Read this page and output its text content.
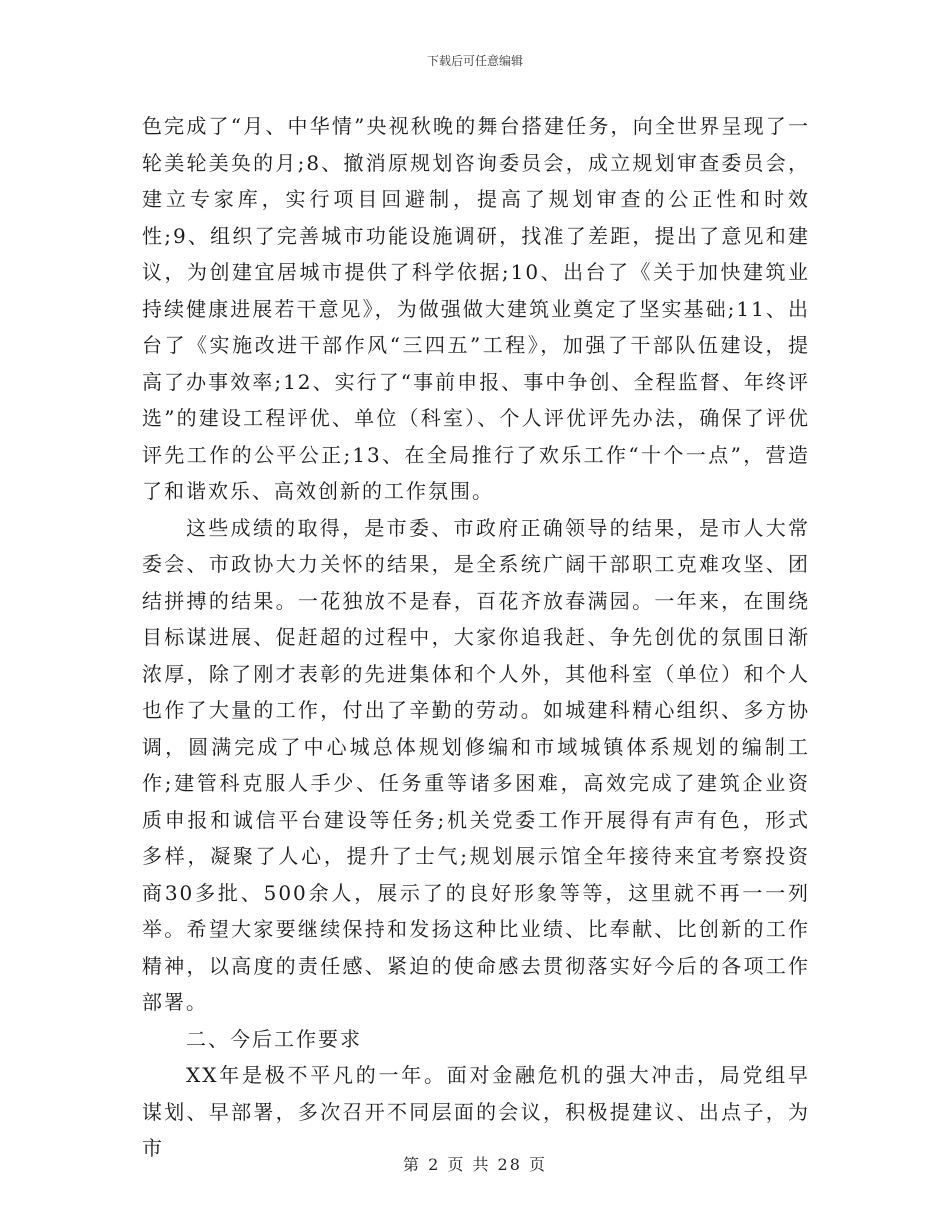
下载后可任意编辑

色完成了“月、中华情”央视秋晚的舞台搭建任务，向全世界呈现了一轮美轮美奂的月;8、撤消原规划咨询委员会，成立规划审查委员会，建立专家库，实行项目回避制，提高了规划审查的公正性和时效性;9、组织了完善城市功能设施调研，找准了差距，提出了意见和建议，为创建宜居城市提供了科学依据;10、出台了《关于加快建筑业持续健康进展若干意见》，为做强做大建筑业奠定了坚实基础;11、出台了《实施改进干部作风“三四五”工程》，加强了干部队伍建设，提高了办事效率;12、实行了“事前申报、事中争创、全程监督、年终评选”的建设工程评优、单位（科室）、个人评优评先办法，确保了评优评先工作的公平公正;13、在全局推行了欢乐工作“十个一点”，营造了和谐欢乐、高效创新的工作氛围。

这些成绩的取得，是市委、市政府正确领导的结果，是市人大常委会、市政协大力关怀的结果，是全系统广阔干部职工克难攻坚、团结拼搏的结果。一花独放不是春，百花齐放春满园。一年来，在围绕目标谋进展、促赶超的过程中，大家你追我赶、争先创优的氛围日渐浓厚，除了刚才表彰的先进集体和个人外，其他科室（单位）和个人也作了大量的工作，付出了辛勤的劳动。如城建科精心组织、多方协调，圆满完成了中心城总体规划修编和市域城镇体系规划的编制工作;建管科克服人手少、任务重等诸多困难，高效完成了建筑企业资质申报和诚信平台建设等任务;机关党委工作开展得有声有色，形式多样，凝聚了人心，提升了士气;规划展示馆全年接待来宜考察投资商30多批、500余人，展示了的良好形象等等，这里就不再一一列举。希望大家要继续保持和发扬这种比业绩、比奉献、比创新的工作精神，以高度的责任感、紧迫的使命感去贯彻落实好今后的各项工作部署。

二、今后工作要求

XX年是极不平凡的一年。面对金融危机的强大冲击，局党组早谋划、早部署，多次召开不同层面的会议，积极提建议、出点子，为市

第 2 页 共 28 页
